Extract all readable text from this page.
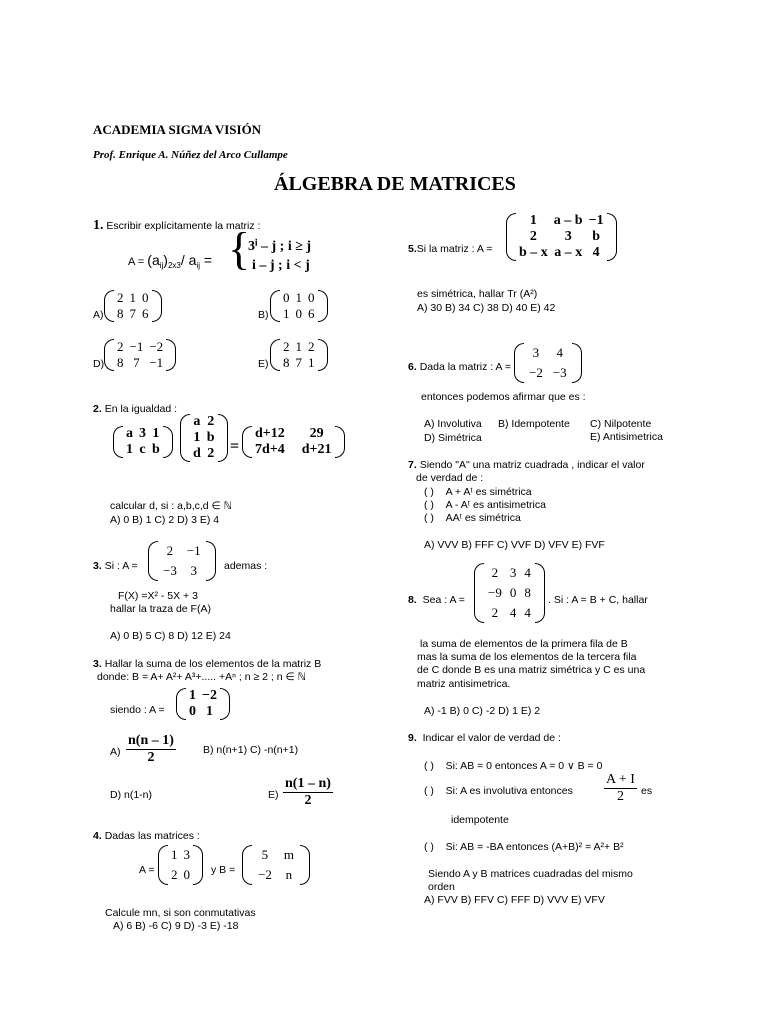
ACADEMIA SIGMA VISIÓN
Prof. Enrique A. Núñez del Arco Cullampe
ÁLGEBRA DE MATRICES
1. Escribir explícitamente la matriz :
$A = (a_{ij})_{2x3}/$ $a_{ij}$ = {
3ⁱ – j ; i ≥ j
i – j ; i < j
A)
2	1	0
8	7	6	B)
0	1	0
1	0	6
D)
2	−1	−2
8	7	−1	E)
2	1	2
8	7	1
2. En la igualdad :
a	3	1
1	c	b
a	2
1	b
d	2 =
d+12	29
7d+4	d+21
calcular d, si : a,b,c,d ∈ ℕ
A) 0 B) 1 C) 2 D) 3 E) 4
3. Si : A =
2	−1
−3	3	ademas :
F(X) =X² - 5X + 3
hallar la traza de F(A)
A) 0 B) 5 C) 8 D) 12 E) 24
3. Hallar la suma de los elementos de la matriz B
donde: B = A+ A²+ A³+..... +Aⁿ ; n ≥ 2 ; n ∈ ℕ
siendo : A =
1	−2
0	1
$A) \frac{n(n - 1)}{2}$	B) n(n+1) C) -n(n+1)
D) n(1-n)	$E) \frac{n(1 - n)}{2}$
4. Dadas las matrices :
A =
1	3
2	0 y B =
5	m
−2	n
Calcule mn, si son conmutativas
A) 6 B) -6 C) 9 D) -3 E) -18
5.Si la matriz : A =
1	a – b	−1
2	3	b
b – x	a – x	4
es simétrica, hallar Tr (A²)
A) 30 B) 34 C) 38 D) 40 E) 42
6. Dada la matriz : A =
3	4
−2	−3
entonces podemos afirmar que es :
A) Involutiva B) Idempotente C) Nilpotente
D) Simétrica	E) Antisimetrica
7. Siendo "A" una matriz cuadrada , indicar el valor
de verdad de :
( ) A + Aᵗ es simétrica
( ) A - Aᵗ es antisimetrica
( ) AAᵗ es simétrica
A) VVV B) FFF C) VVF D) VFV E) FVF
8. Sea : A =
2	3	4
−9	0	8
2	4	4
. Si : A = B + C, hallar
la suma de elementos de la primera fila de B
mas la suma de los elementos de la tercera fila
de C donde B es una matriz simétrica y C es una
matriz antisimetrica.
A) -1 B) 0 C) -2 D) 1 E) 2
9. Indicar el valor de verdad de :
( ) Si: AB = 0 entonces A = 0 ∨ B = 0
( ) Si: A es involutiva entonces $\frac{A + I}{2}$ es
idempotente
( ) Si: AB = -BA entonces (A+B)² = A²+ B²
Siendo A y B matrices cuadradas del mismo
orden
A) FVV B) FFV C) FFF D) VVV E) VFV
